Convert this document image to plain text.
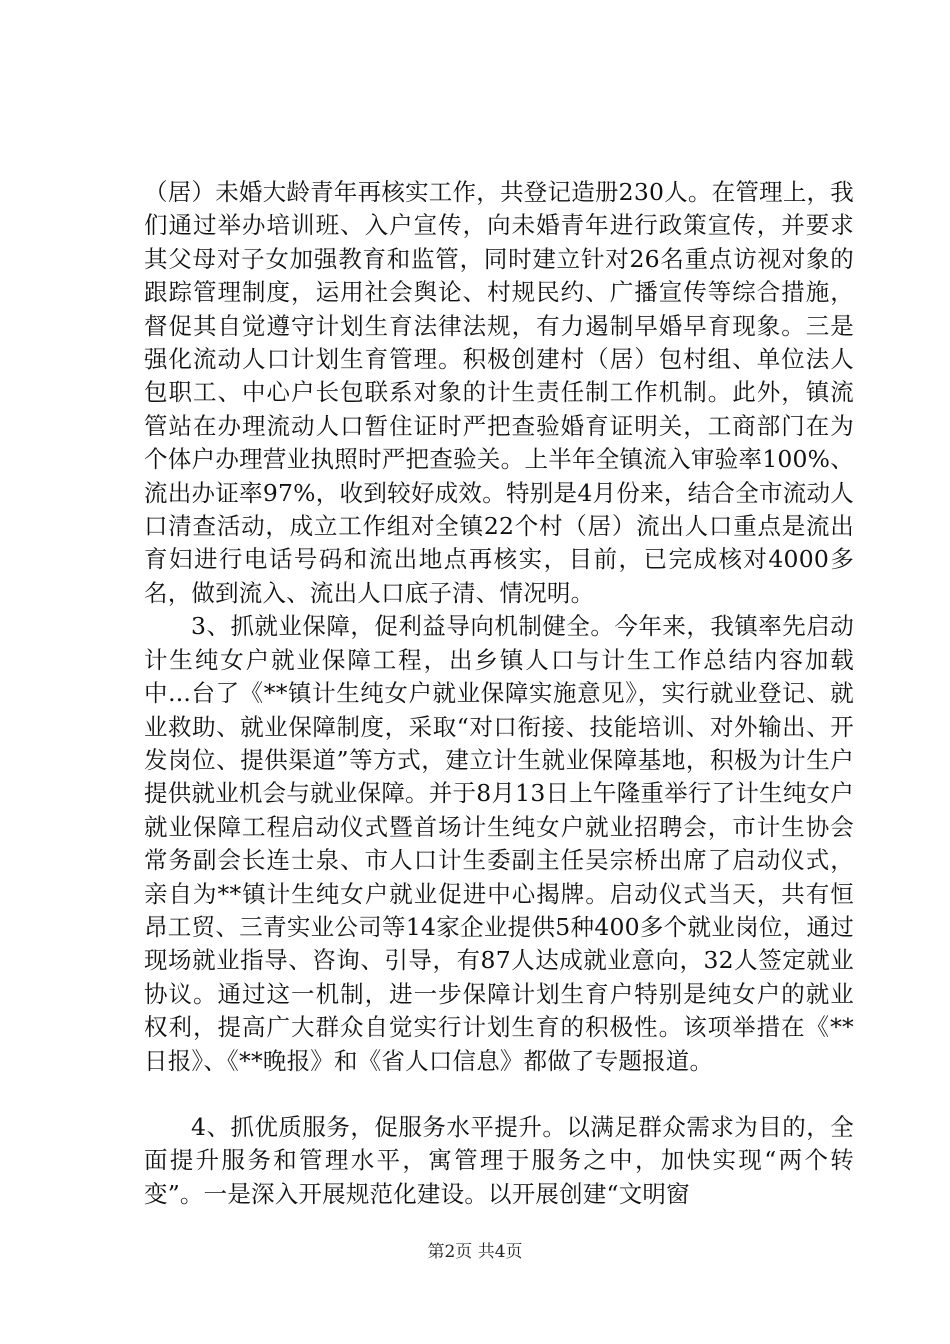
（居）未婚大龄青年再核实工作，共登记造册230人。在管理上，我们通过举办培训班、入户宣传，向未婚青年进行政策宣传，并要求其父母对子女加强教育和监管，同时建立针对26名重点访视对象的跟踪管理制度，运用社会舆论、村规民约、广播宣传等综合措施，督促其自觉遵守计划生育法律法规，有力遏制早婚早育现象。三是强化流动人口计划生育管理。积极创建村（居）包村组、单位法人包职工、中心户长包联系对象的计生责任制工作机制。此外，镇流管站在办理流动人口暂住证时严把查验婚育证明关，工商部门在为个体户办理营业执照时严把查验关。上半年全镇流入审验率100%、流出办证率97%，收到较好成效。特别是4月份来，结合全市流动人口清查活动，成立工作组对全镇22个村（居）流出人口重点是流出育妇进行电话号码和流出地点再核实，目前，已完成核对4000多名，做到流入、流出人口底子清、情况明。

3、抓就业保障，促利益导向机制健全。今年来，我镇率先启动计生纯女户就业保障工程，出乡镇人口与计生工作总结内容加载中...台了《**镇计生纯女户就业保障实施意见》，实行就业登记、就业救助、就业保障制度，采取“对口衔接、技能培训、对外输出、开发岗位、提供渠道”等方式，建立计生就业保障基地，积极为计生户提供就业机会与就业保障。并于8月13日上午隆重举行了计生纯女户就业保障工程启动仪式暨首场计生纯女户就业招聘会，市计生协会常务副会长连士泉、市人口计生委副主任吴宗桥出席了启动仪式，亲自为**镇计生纯女户就业促进中心揭牌。启动仪式当天，共有恒昂工贸、三青实业公司等14家企业提供5种400多个就业岗位，通过现场就业指导、咨询、引导，有87人达成就业意向，32人签定就业协议。通过这一机制，进一步保障计划生育户特别是纯女户的就业权利，提高广大群众自觉实行计划生育的积极性。该项举措在《**日报》、《**晚报》和《省人口信息》都做了专题报道。

4、抓优质服务，促服务水平提升。以满足群众需求为目的，全面提升服务和管理水平，寓管理于服务之中，加快实现“两个转变”。一是深入开展规范化建设。以开展创建“文明窗

第2页 共4页
